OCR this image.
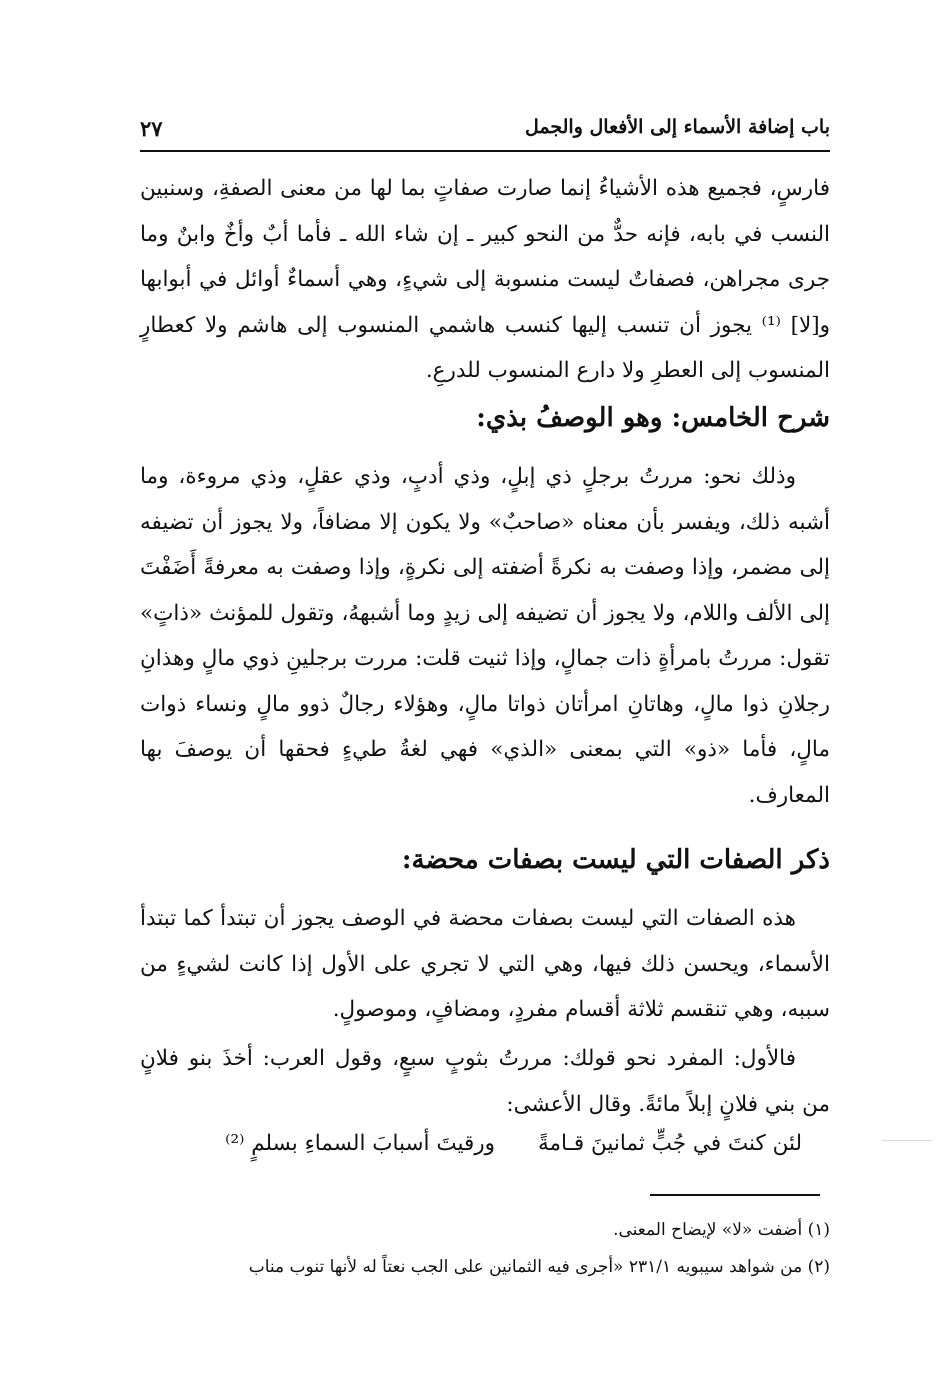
باب إضافة الأسماء إلى الأفعال والجمل
٢٧

فارسٍ، فجميع هذه الأشياءُ إنما صارت صفاتٍ بما لها من معنى الصفةِ، وسنبين النسب في بابه، فإنه حدٌّ من النحو كبير ـ إن شاء الله ـ فأما أبٌ وأخٌ وابنٌ وما جرى مجراهن، فصفاتٌ ليست منسوبة إلى شيءٍ، وهي أسماءٌ أوائل في أبوابها و[لا] ⁽¹⁾ يجوز أن تنسب إليها كنسب هاشمي المنسوب إلى هاشم ولا كعطارٍ المنسوب إلى العطرِ ولا دارع المنسوب للدرعِ.

شرح الخامس: وهو الوصفُ بذي:

وذلك نحو: مررتُ برجلٍ ذي إبلٍ، وذي أدبٍ، وذي عقلٍ، وذي مروءة، وما أشبه ذلك، ويفسر بأن معناه «صاحبٌ» ولا يكون إلا مضافاً، ولا يجوز أن تضيفه إلى مضمر، وإذا وصفت به نكرةً أضفته إلى نكرةٍ، وإذا وصفت به معرفةً أَضَفْتَ إلى الألف واللام، ولا يجوز أن تضيفه إلى زيدٍ وما أشبههُ، وتقول للمؤنث «ذاتٍ» تقول: مررتُ بامرأةٍ ذات جمالٍ، وإذا ثنيت قلت: مررت برجلينِ ذوي مالٍ وهذانِ رجلانِ ذوا مالٍ، وهاتانِ امرأتان ذواتا مالٍ، وهؤلاء رجالٌ ذوو مالٍ ونساء ذوات مالٍ، فأما «ذو» التي بمعنى «الذي» فهي لغةُ طيءٍ فحقها أن يوصفَ بها المعارف.

ذكر الصفات التي ليست بصفات محضة:

هذه الصفات التي ليست بصفات محضة في الوصف يجوز أن تبتدأ كما تبتدأ الأسماء، ويحسن ذلك فيها، وهي التي لا تجري على الأول إذا كانت لشيءٍ من سببه، وهي تنقسم ثلاثة أقسام مفردٍ، ومضافٍ، وموصولٍ.

فالأول: المفرد نحو قولك: مررتُ بثوبٍ سبعٍ، وقول العرب: أخذَ بنو فلانٍ من بني فلانٍ إبلاً مائةً. وقال الأعشى:

لئن كنتَ في جُبٍّ ثمانينَ قـامةً
ورقيتَ أسبابَ السماءِ بسلمٍ ⁽²⁾

(١) أضفت «لا» لإيضاح المعنى.

(٢) من شواهد سيبويه ٢٣١/١ «أجرى فيه الثمانين على الجب نعتاً له لأنها تنوب مناب
